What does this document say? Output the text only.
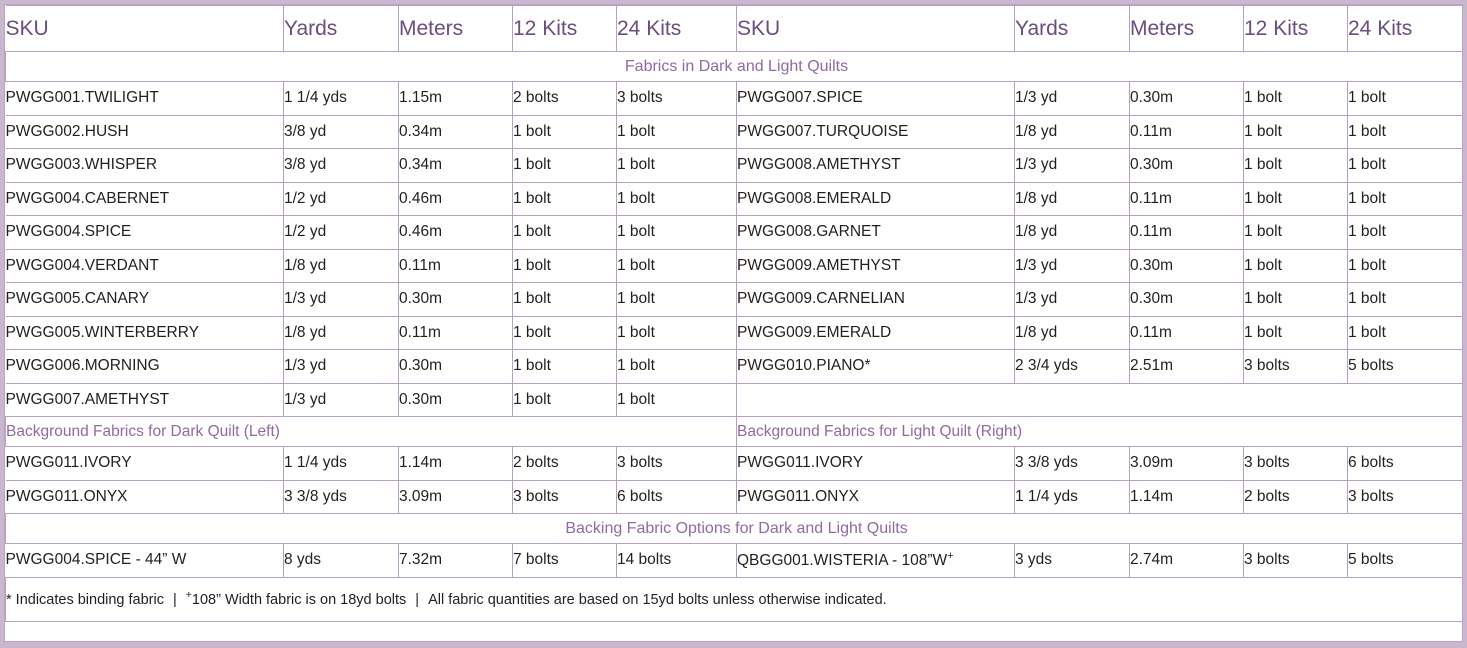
SKU	Yards	Meters	12 Kits	24 Kits	SKU	Yards	Meters	12 Kits	24 Kits
Fabrics in Dark and Light Quilts									
PWGG001.TWILIGHT	1 1/4 yds	1.15m	2 bolts	3 bolts	PWGG007.SPICE	1/3 yd	0.30m	1 bolt	1 bolt
PWGG002.HUSH	3/8 yd	0.34m	1 bolt	1 bolt	PWGG007.TURQUOISE	1/8 yd	0.11m	1 bolt	1 bolt
PWGG003.WHISPER	3/8 yd	0.34m	1 bolt	1 bolt	PWGG008.AMETHYST	1/3 yd	0.30m	1 bolt	1 bolt
PWGG004.CABERNET	1/2 yd	0.46m	1 bolt	1 bolt	PWGG008.EMERALD	1/8 yd	0.11m	1 bolt	1 bolt
PWGG004.SPICE	1/2 yd	0.46m	1 bolt	1 bolt	PWGG008.GARNET	1/8 yd	0.11m	1 bolt	1 bolt
PWGG004.VERDANT	1/8 yd	0.11m	1 bolt	1 bolt	PWGG009.AMETHYST	1/3 yd	0.30m	1 bolt	1 bolt
PWGG005.CANARY	1/3 yd	0.30m	1 bolt	1 bolt	PWGG009.CARNELIAN	1/3 yd	0.30m	1 bolt	1 bolt
PWGG005.WINTERBERRY	1/8 yd	0.11m	1 bolt	1 bolt	PWGG009.EMERALD	1/8 yd	0.11m	1 bolt	1 bolt
PWGG006.MORNING	1/3 yd	0.30m	1 bolt	1 bolt	PWGG010.PIANO*	2 3/4 yds	2.51m	3 bolts	5 bolts
PWGG007.AMETHYST	1/3 yd	0.30m	1 bolt	1 bolt					
Background Fabrics for Dark Quilt (Left)					Background Fabrics for Light Quilt (Right)				
PWGG011.IVORY	1 1/4 yds	1.14m	2 bolts	3 bolts	PWGG011.IVORY	3 3/8 yds	3.09m	3 bolts	6 bolts
PWGG011.ONYX	3 3/8 yds	3.09m	3 bolts	6 bolts	PWGG011.ONYX	1 1/4 yds	1.14m	2 bolts	3 bolts
Backing Fabric Options for Dark and Light Quilts									
PWGG004.SPICE - 44” W	8 yds	7.32m	7 bolts	14 bolts	QBGG001.WISTERIA - 108”W+	3 yds	2.74m	3 bolts	5 bolts
* Indicates binding fabric | +108” Width fabric is on 18yd bolts | All fabric quantities are based on 15yd bolts unless otherwise indicated.									
